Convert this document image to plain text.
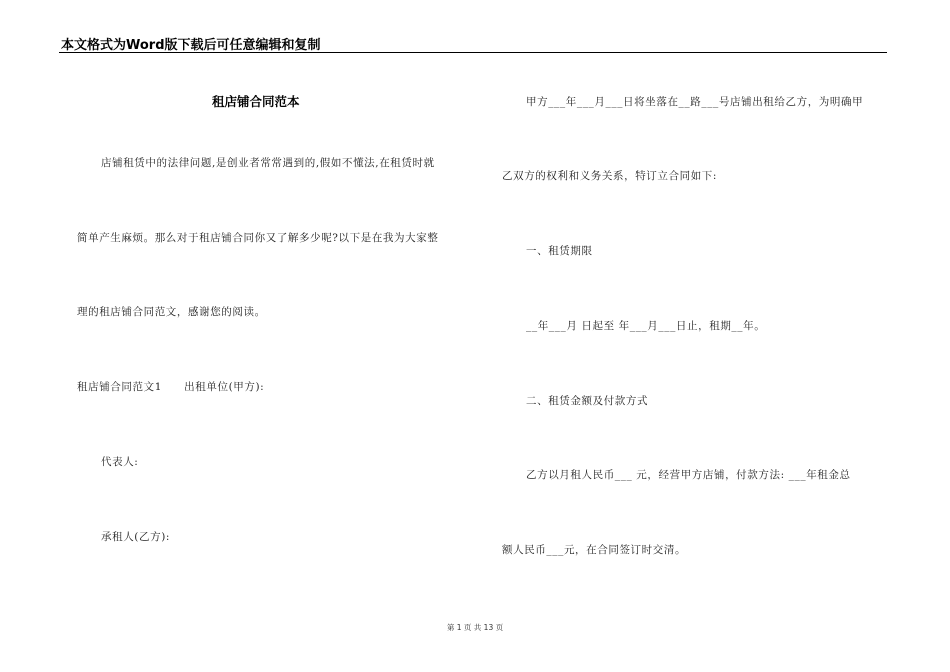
本文格式为Word版下载后可任意编辑和复制
租店铺合同范本
店铺租赁中的法律问题,是创业者常常遇到的,假如不懂法,在租赁时就
简单产生麻烦。那么对于租店铺合同你又了解多少呢?以下是在我为大家整
理的租店铺合同范文，感谢您的阅读。
租店铺合同范文1　　出租单位(甲方):
代表人:
承租人(乙方):
甲方___年___月___日将坐落在__路___号店铺出租给乙方，为明确甲
乙双方的权利和义务关系，特订立合同如下:
一、租赁期限
__年___月 日起至 年___月___日止，租期__年。
二、租赁金额及付款方式
乙方以月租人民币___ 元，经营甲方店铺，付款方法: ___年租金总
额人民币___元，在合同签订时交清。
第 1 页 共 13 页
